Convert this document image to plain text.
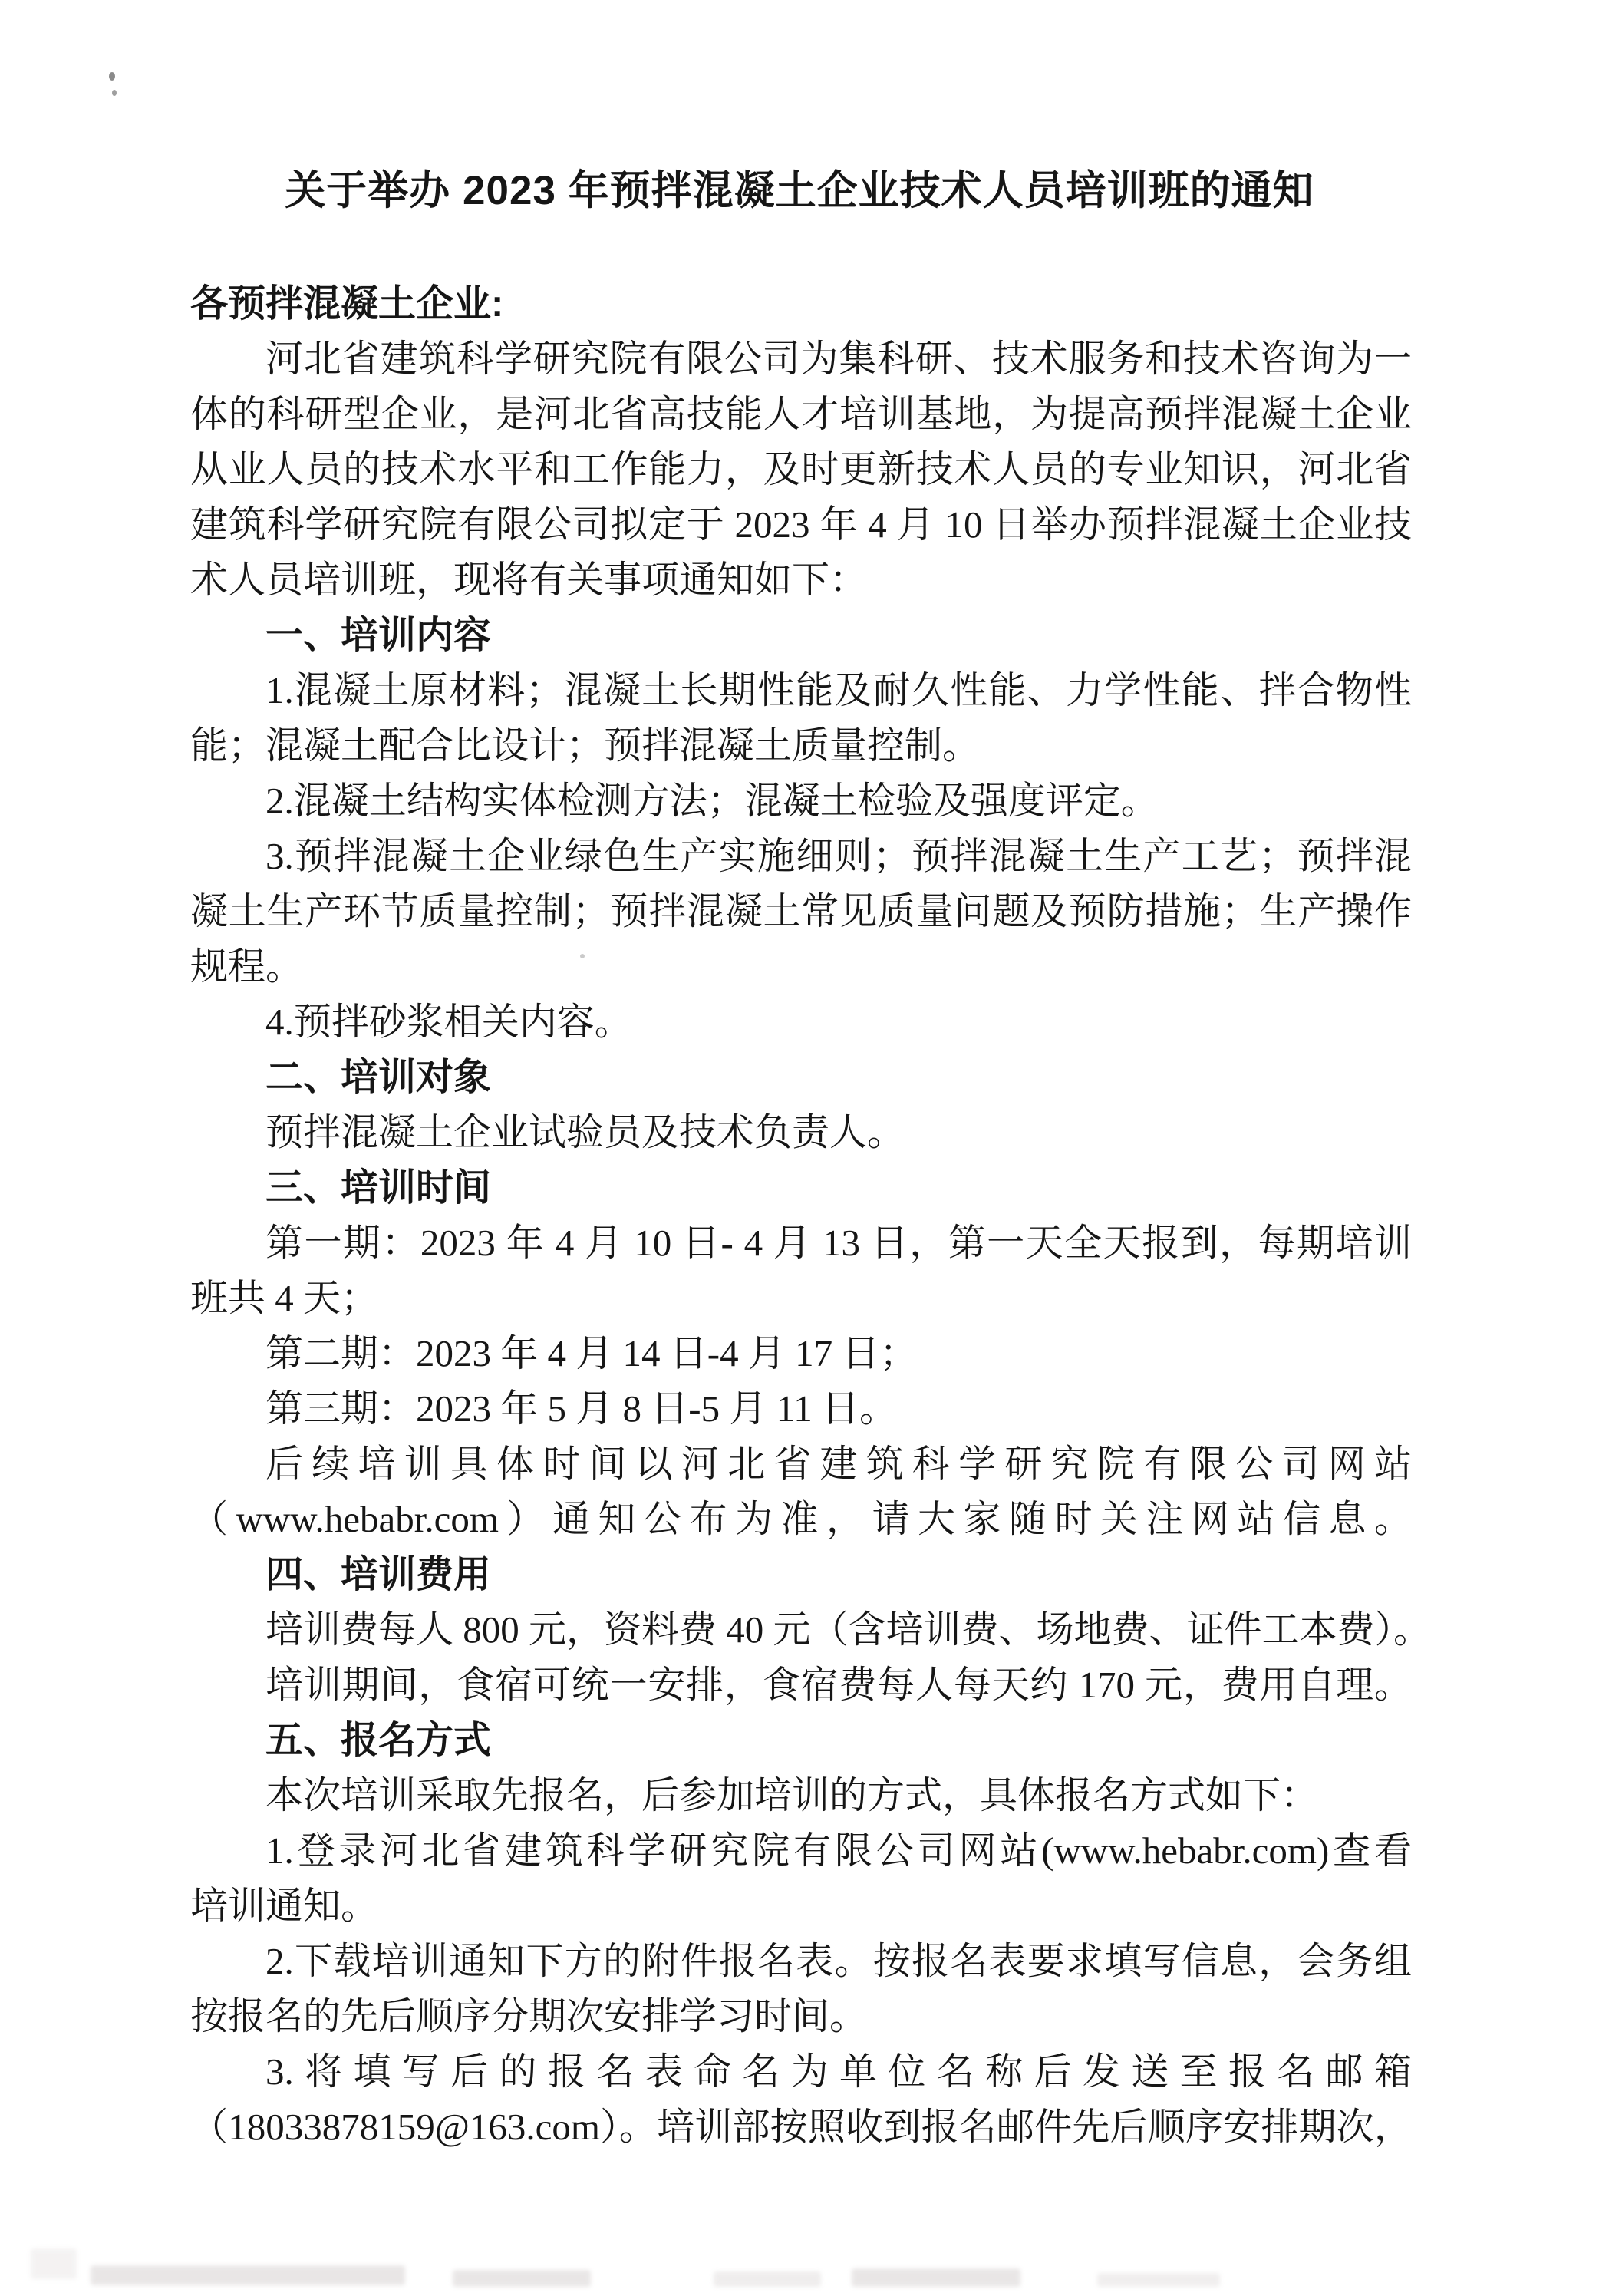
关于举办 2023 年预拌混凝土企业技术人员培训班的通知
各预拌混凝土企业:
河北省建筑科学研究院有限公司为集科研、技术服务和技术咨询为一
体的科研型企业，是河北省高技能人才培训基地，为提高预拌混凝土企业
从业人员的技术水平和工作能力，及时更新技术人员的专业知识，河北省
建筑科学研究院有限公司拟定于 2023 年 4 月 10 日举办预拌混凝土企业技
术人员培训班，现将有关事项通知如下：
一、培训内容
1.混凝土原材料；混凝土长期性能及耐久性能、力学性能、拌合物性
能；混凝土配合比设计；预拌混凝土质量控制。
2.混凝土结构实体检测方法；混凝土检验及强度评定。
3.预拌混凝土企业绿色生产实施细则；预拌混凝土生产工艺；预拌混
凝土生产环节质量控制；预拌混凝土常见质量问题及预防措施；生产操作
规程。
4.预拌砂浆相关内容。
二、培训对象
预拌混凝土企业试验员及技术负责人。
三、培训时间
第一期：2023 年 4 月 10 日- 4 月 13 日，第一天全天报到，每期培训
班共 4 天；
第二期：2023 年 4 月 14 日-4 月 17 日；
第三期：2023 年 5 月 8 日-5 月 11 日。
后续培训具体时间以河北省建筑科学研究院有限公司网站
（www.hebabr.com）通知公布为准，请大家随时关注网站信息。
四、培训费用
培训费每人 800 元，资料费 40 元（含培训费、场地费、证件工本费）。
培训期间，食宿可统一安排，食宿费每人每天约 170 元，费用自理。
五、报名方式
本次培训采取先报名，后参加培训的方式，具体报名方式如下：
1.登录河北省建筑科学研究院有限公司网站(www.hebabr.com)查看
培训通知。
2.下载培训通知下方的附件报名表。按报名表要求填写信息，会务组
按报名的先后顺序分期次安排学习时间。
3.将填写后的报名表命名为单位名称后发送至报名邮箱
（18033878159@163.com）。培训部按照收到报名邮件先后顺序安排期次，
